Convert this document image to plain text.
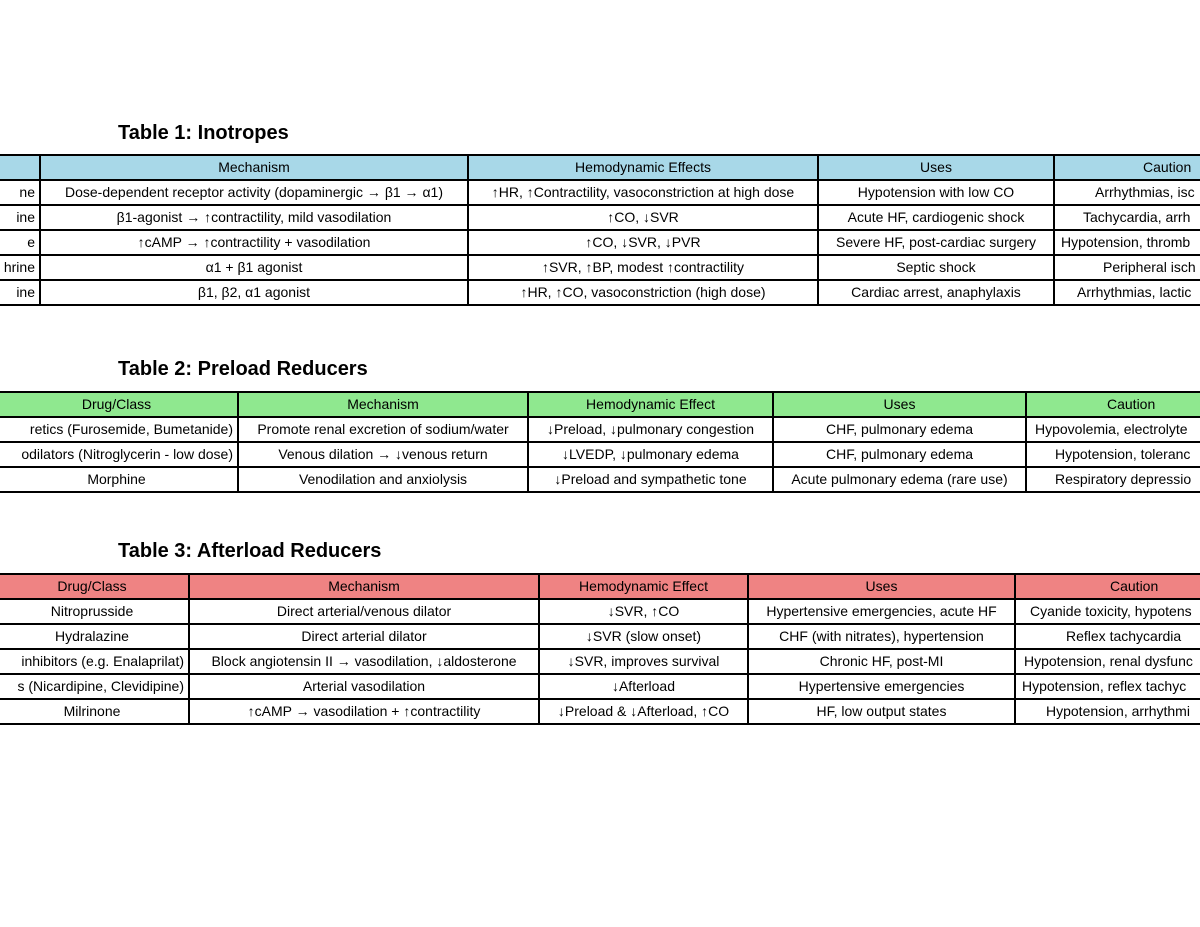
Table 1: Inotropes
	Mechanism	Hemodynamic Effects	Uses	Caution
ne	Dose-dependent receptor activity (dopaminergic → β1 → α1)	↑HR, ↑Contractility, vasoconstriction at high dose	Hypotension with low CO	Arrhythmias, isc
ine	β1-agonist → ↑contractility, mild vasodilation	↑CO, ↓SVR	Acute HF, cardiogenic shock	Tachycardia, arrh
e	↑cAMP → ↑contractility + vasodilation	↑CO, ↓SVR, ↓PVR	Severe HF, post-cardiac surgery	Hypotension, thromb
hrine	α1 + β1 agonist	↑SVR, ↑BP, modest ↑contractility	Septic shock	Peripheral isch
ine	β1, β2, α1 agonist	↑HR, ↑CO, vasoconstriction (high dose)	Cardiac arrest, anaphylaxis	Arrhythmias, lactic
Table 2: Preload Reducers
Drug/Class	Mechanism	Hemodynamic Effect	Uses	Caution
retics (Furosemide, Bumetanide)	Promote renal excretion of sodium/water	↓Preload, ↓pulmonary congestion	CHF, pulmonary edema	Hypovolemia, electrolyte
odilators (Nitroglycerin - low dose)	Venous dilation → ↓venous return	↓LVEDP, ↓pulmonary edema	CHF, pulmonary edema	Hypotension, toleranc
Morphine	Venodilation and anxiolysis	↓Preload and sympathetic tone	Acute pulmonary edema (rare use)	Respiratory depressio
Table 3: Afterload Reducers
Drug/Class	Mechanism	Hemodynamic Effect	Uses	Caution
Nitroprusside	Direct arterial/venous dilator	↓SVR, ↑CO	Hypertensive emergencies, acute HF	Cyanide toxicity, hypotens
Hydralazine	Direct arterial dilator	↓SVR (slow onset)	CHF (with nitrates), hypertension	Reflex tachycardia
inhibitors (e.g. Enalaprilat)	Block angiotensin II → vasodilation, ↓aldosterone	↓SVR, improves survival	Chronic HF, post-MI	Hypotension, renal dysfunc
s (Nicardipine, Clevidipine)	Arterial vasodilation	↓Afterload	Hypertensive emergencies	Hypotension, reflex tachyc
Milrinone	↑cAMP → vasodilation + ↑contractility	↓Preload & ↓Afterload, ↑CO	HF, low output states	Hypotension, arrhythmi
